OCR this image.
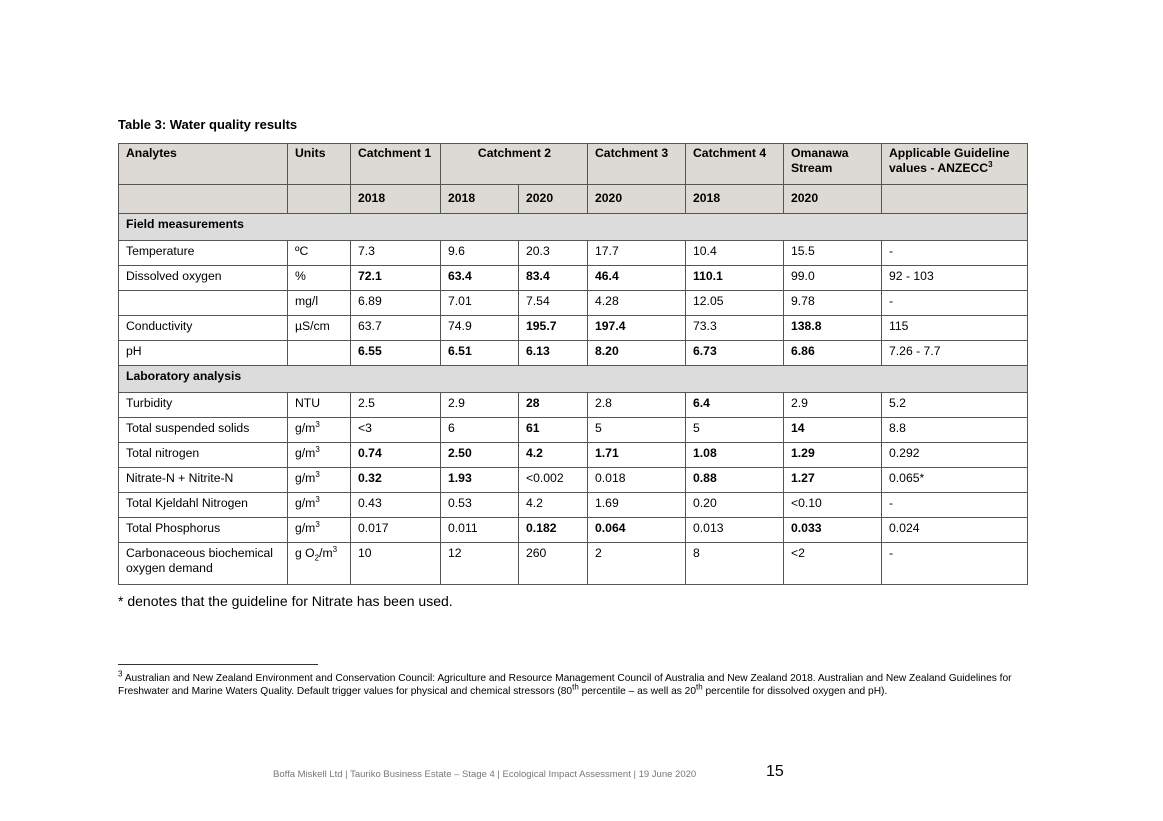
Table 3: Water quality results
Analytes	Units	Catchment 1	Catchment 2		Catchment 3	Catchment 4	Omanawa Stream	Applicable Guideline values - ANZECC$^3$
		2018	2018	2020	2020	2018	2020	
Field measurements								
Temperature	ºC	7.3	9.6	20.3	17.7	10.4	15.5	-
Dissolved oxygen	%	72.1	63.4	83.4	46.4	110.1	99.0	92 - 103
	mg/l	6.89	7.01	7.54	4.28	12.05	9.78	-
Conductivity	µS/cm	63.7	74.9	195.7	197.4	73.3	138.8	115
pH		6.55	6.51	6.13	8.20	6.73	6.86	7.26 - 7.7
Laboratory analysis								
Turbidity	NTU	2.5	2.9	28	2.8	6.4	2.9	5.2
Total suspended solids	$g/m^3$	<3	6	61	5	5	14	8.8
Total nitrogen	$g/m^3$	0.74	2.50	4.2	1.71	1.08	1.29	0.292
Nitrate-N + Nitrite-N	$g/m^3$	0.32	1.93	<0.002	0.018	0.88	1.27	0.065*
Total Kjeldahl Nitrogen	$g/m^3$	0.43	0.53	4.2	1.69	0.20	<0.10	-
Total Phosphorus	$g/m^3$	0.017	0.011	0.182	0.064	0.013	0.033	0.024
Carbonaceous biochemical oxygen demand	g $O_2/m^3$	10	12	260	2	8	<2	-
* denotes that the guideline for Nitrate has been used.
$^3$ Australian and New Zealand Environment and Conservation Council: Agriculture and Resource Management Council of Australia and New Zealand 2018. Australian and New Zealand Guidelines for Freshwater and Marine Waters Quality. Default trigger values for physical and chemical stressors (80th percentile – as well as 20th percentile for dissolved oxygen and pH).
Boffa Miskell Ltd | Tauriko Business Estate – Stage 4 | Ecological Impact Assessment | 19 June 2020	15
